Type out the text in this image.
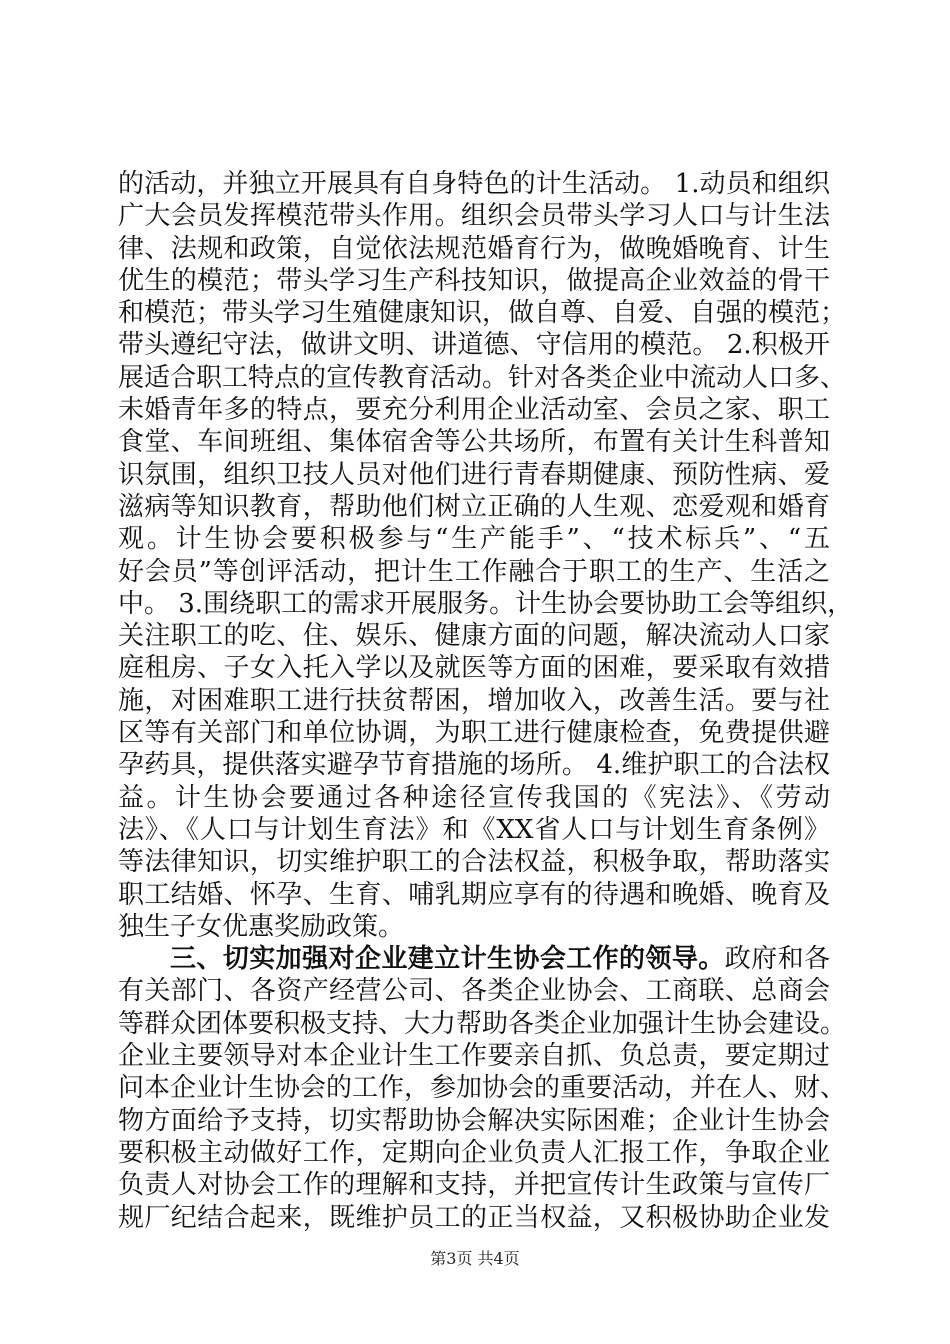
的活动，并独立开展具有自身特色的计生活动。 1.动员和组织
广大会员发挥模范带头作用。组织会员带头学习人口与计生法
律、法规和政策，自觉依法规范婚育行为，做晚婚晚育、计生
优生的模范；带头学习生产科技知识，做提高企业效益的骨干
和模范；带头学习生殖健康知识，做自尊、自爱、自强的模范；
带头遵纪守法，做讲文明、讲道德、守信用的模范。 2.积极开
展适合职工特点的宣传教育活动。针对各类企业中流动人口多、
未婚青年多的特点，要充分利用企业活动室、会员之家、职工
食堂、车间班组、集体宿舍等公共场所，布置有关计生科普知
识氛围，组织卫技人员对他们进行青春期健康、预防性病、爱
滋病等知识教育，帮助他们树立正确的人生观、恋爱观和婚育
观。计生协会要积极参与“生产能手”、“技术标兵”、“五
好会员”等创评活动，把计生工作融合于职工的生产、生活之
中。 3.围绕职工的需求开展服务。计生协会要协助工会等组织，
关注职工的吃、住、娱乐、健康方面的问题，解决流动人口家
庭租房、子女入托入学以及就医等方面的困难，要采取有效措
施，对困难职工进行扶贫帮困，增加收入，改善生活。要与社
区等有关部门和单位协调，为职工进行健康检查，免费提供避
孕药具，提供落实避孕节育措施的场所。 4.维护职工的合法权
益。计生协会要通过各种途径宣传我国的《宪法》、《劳动
法》、《人口与计划生育法》和《XX省人口与计划生育条例》
等法律知识，切实维护职工的合法权益，积极争取，帮助落实
职工结婚、怀孕、生育、哺乳期应享有的待遇和晚婚、晚育及
独生子女优惠奖励政策。
三、切实加强对企业建立计生协会工作的领导。政府和各
有关部门、各资产经营公司、各类企业协会、工商联、总商会
等群众团体要积极支持、大力帮助各类企业加强计生协会建设。
企业主要领导对本企业计生工作要亲自抓、负总责，要定期过
问本企业计生协会的工作，参加协会的重要活动，并在人、财、
物方面给予支持，切实帮助协会解决实际困难；企业计生协会
要积极主动做好工作，定期向企业负责人汇报工作，争取企业
负责人对协会工作的理解和支持，并把宣传计生政策与宣传厂
规厂纪结合起来，既维护员工的正当权益，又积极协助企业发
第3页 共4页
